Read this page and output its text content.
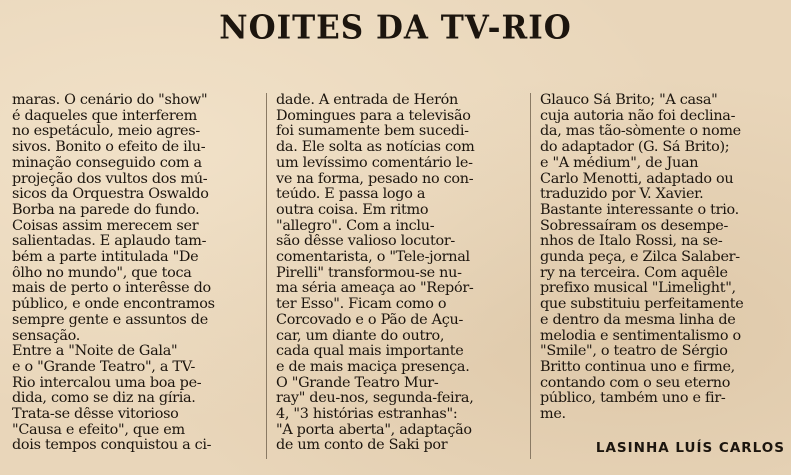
NOITES DA TV-RIO
maras. O cenário do "show"
é daqueles que interferem
no espetáculo, meio agres-
sivos. Bonito o efeito de ilu-
minação conseguido com a
projeção dos vultos dos mú-
sicos da Orquestra Oswaldo
Borba na parede do fundo.
Coisas assim merecem ser
salientadas. É aplaudo tam-
bém a parte intitulada "De
ôlho no mundo", que toca
mais de perto o interêsse do
público, e onde encontramos
sempre gente e assuntos de
sensação.
Entre a "Noite de Gala"
e o "Grande Teatro", a TV-
Rio intercalou uma boa pe-
dida, como se diz na gíria.
Trata-se dêsse vitorioso
"Causa e efeito", que em
dois tempos conquistou a ci-
dade. A entrada de Herón
Domingues para a televisão
foi sumamente bem sucedi-
da. Êle solta as notícias com
um levíssimo comentário le-
ve na forma, pesado no con-
teúdo. E passa logo a
outra coisa. Em ritmo
"allegro". Com a inclu-
são dêsse valioso locutor-
comentarista, o "Tele-jornal
Pirelli" transformou-se nu-
ma séria ameaça ao "Repór-
ter Esso". Ficam como o
Corcovado e o Pão de Açu-
car, um diante do outro,
cada qual mais importante
e de mais maciça presença.
O "Grande Teatro Mur-
ray" deu-nos, segunda-feira,
4, "3 histórias estranhas":
"A porta aberta", adaptação
de um conto de Saki por
Glauco Sá Brito; "A casa"
cuja autoria não foi declina-
da, mas tão-sòmente o nome
do adaptador (G. Sá Brito);
e "A médium", de Juan
Carlo Menotti, adaptado ou
traduzido por V. Xavier.
Bastante interessante o trio.
Sobressaíram os desempe-
nhos de Italo Rossi, na se-
gunda peça, e Zilca Salaber-
ry na terceira. Com aquêle
prefixo musical "Limelight",
que substituiu perfeitamente
e dentro da mesma linha de
melodia e sentimentalismo o
"Smile", o teatro de Sérgio
Britto continua uno e firme,
contando com o seu eterno
público, também uno e fir-
me.
LASINHA LUÍS CARLOS
